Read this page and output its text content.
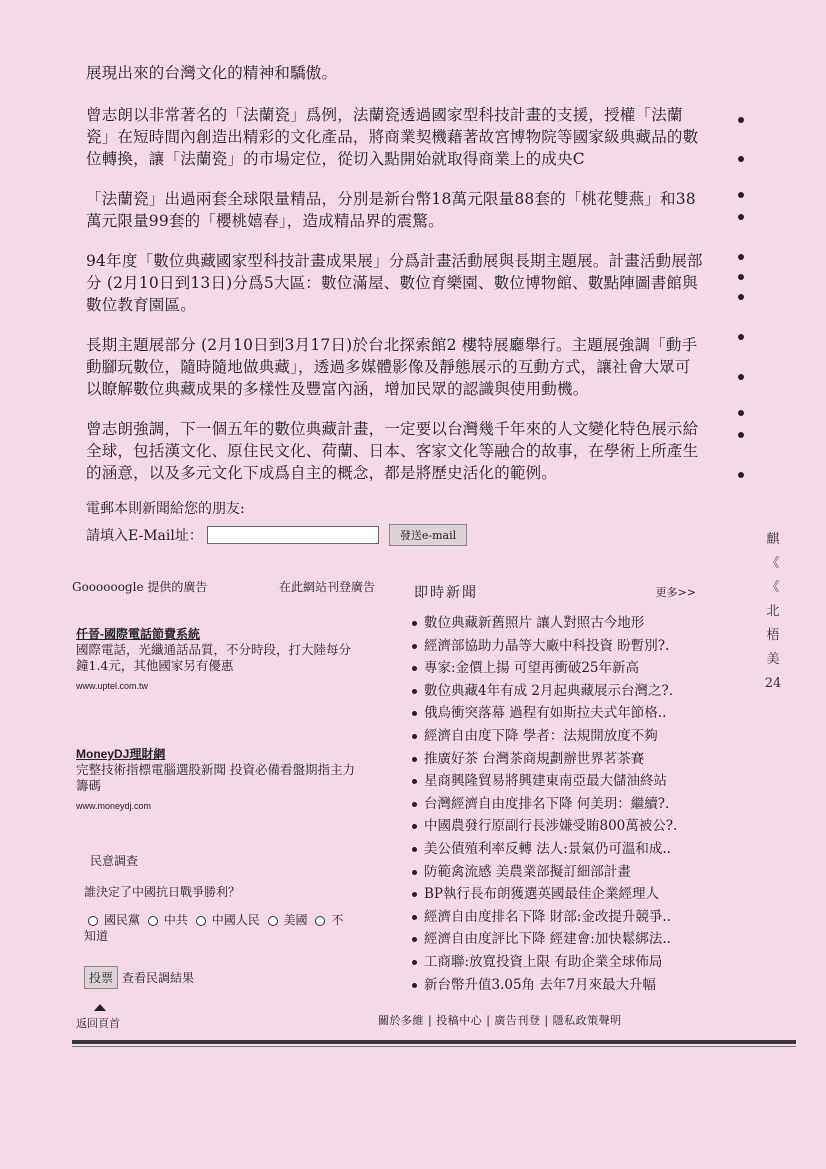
展現出來的台灣文化的精神和驕傲。

曾志朗以非常著名的「法蘭瓷」爲例，法蘭瓷透過國家型科技計畫的支援，授權「法蘭瓷」在短時間內創造出精彩的文化產品，將商業契機藉著故宮博物院等國家級典藏品的數位轉換，讓「法蘭瓷」的市場定位，從切入點開始就取得商業上的成央C

「法蘭瓷」出過兩套全球限量精品，分別是新台幣18萬元限量88套的「桃花雙燕」和38萬元限量99套的「櫻桃嬉春」，造成精品界的震驚。

94年度「數位典藏國家型科技計畫成果展」分爲計畫活動展與長期主題展。計畫活動展部分 (2月10日到13日)分爲5大區：數位滿屋、數位育樂園、數位博物館、數點陣圖書館與數位教育園區。

長期主題展部分 (2月10日到3月17日)於台北探索館2 樓特展廳舉行。主題展強調「動手動腳玩數位，隨時隨地做典藏」，透過多媒體影像及靜態展示的互動方式，讓社會大眾可以瞭解數位典藏成果的多樣性及豐富內涵，增加民眾的認識與使用動機。

曾志朗強調，下一個五年的數位典藏計畫，一定要以台灣幾千年來的人文變化特色展示給全球，包括漢文化、原住民文化、荷蘭、日本、客家文化等融合的故事，在學術上所產生的涵意，以及多元文化下成爲自主的概念，都是將歷史活化的範例。

麒
《
《
北
梧
美
24
電郵本則新聞給您的朋友:
請填入E-Mail址：	發送e-mail
Goooooogle 提供的廣告	在此網站刊登廣告
仟晉-國際電話節費系統
國際電話，光纖通話品質，不分時段，打大陸每分
鐘1.4元，其他國家另有優惠
www.uptel.com.tw
MoneyDJ理財網
完整技術指標電腦選股新聞 投資必備看盤期指主力
籌碼
www.moneydj.com
民意調查
誰決定了中國抗日戰爭勝利？
國民黨 中共 中國人民 美國 不
知道
投票 查看民調結果
返回頁首
即時新聞	更多>>
數位典藏新舊照片 讓人對照古今地形
經濟部協助力晶等大廠中科投資 盼暫別?.
專家:金價上揚 可望再衝破25年新高
數位典藏4年有成 2月起典藏展示台灣之?.
俄烏衝突落幕 過程有如斯拉夫式年節格..
經濟自由度下降 學者：法規開放度不夠
推廣好茶 台灣茶商規劃辦世界茗茶賽
星商興隆貿易將興建東南亞最大儲油終站
台灣經濟自由度排名下降 何美玥：繼續?.
中國農發行原副行長涉嫌受賄800萬被公?.
美公債殖利率反轉 法人:景氣仍可溫和成..
防範禽流感 美農業部擬訂細部計畫
BP執行長布朗獲選英國最佳企業經理人
經濟自由度排名下降 財部:金改提升競爭..
經濟自由度評比下降 經建會:加快鬆綁法..
工商聯:放寬投資上限 有助企業全球佈局
新台幣升值3.05角 去年7月來最大升幅
關於多維 | 投稿中心 | 廣告刊登 | 隱私政策聲明
